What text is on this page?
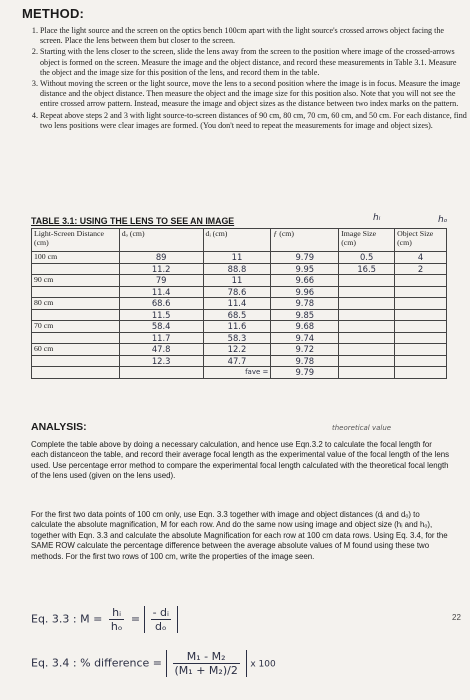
METHOD:
1. Place the light source and the screen on the optics bench 100cm apart with the light source's crossed arrows object facing the screen. Place the lens between them but closer to the screen.
2. Starting with the lens closer to the screen, slide the lens away from the screen to the position where image of the crossed-arrows object is formed on the screen. Measure the image and the object distance, and record these measurements in Table 3.1. Measure the object and the image size for this position of the lens, and record them in the table.
3. Without moving the screen or the light source, move the lens to a second position where the image is in focus. Measure the image distance and the object distance. Then measure the object and the image size for this position also. Note that you will not see the entire crossed arrow pattern. Instead, measure the image and object sizes as the distance between two index marks on the pattern.
4. Repeat above steps 2 and 3 with light source-to-screen distances of 90 cm, 80 cm, 70 cm, 60 cm, and 50 cm. For each distance, find two lens positions were clear images are formed. (You don't need to repeat the measurements for image and object sizes).
TABLE 3.1: USING THE LENS TO SEE AN IMAGE	hᵢ	hₒ
Light-Screen Distance (cm)	dₒ (cm)	dᵢ (cm)	ƒ (cm)	Image Size (cm)	Object Size (cm)
100 cm	89	11	9.79	0.5	4
	11.2	88.8	9.95	16.5	2
90 cm	79	11	9.66		
	11.4	78.6	9.96		
80 cm	68.6	11.4	9.78		
	11.5	68.5	9.85		
70 cm	58.4	11.6	9.68		
	11.7	58.3	9.74		
60 cm	47.8	12.2	9.72		
	12.3	47.7	9.78		
		fave =	9.79		
ANALYSIS:	theoretical value

Complete the table above by doing a necessary calculation, and hence use Eqn.3.2 to calculate the focal length for each distanceon the table, and record their average focal length as the experimental value of the focal length of the lens used. Use percentage error method to compare the experimental focal length calculated with the theoretical focal length of the lens used (given on the lens used).

For the first two data points of 100 cm only, use Eqn. 3.3 together with image and object distances (dᵢ and dₒ) to calculate the absolute magnification, M for each row. And do the same now using image and object size (hᵢ and hₒ), together with Eqn. 3.3 and calculate the absolute Magnification for each row at 100 cm data rows. Using Eq. 3.4, for the SAME ROW calculate the percentage difference between the average absolute values of M found using these two methods. For the first two rows of 100 cm, write the properties of the image seen.

Eq. 3.3 : $M = \frac{\text{hᵢ}}{\text{hₒ}} = \frac{\text{- dᵢ}}{\text{dₒ}}$
Eq. 3.4 : % difference = $\frac{\text{M₁ - M₂}}{\text{(M₁ + M₂)/2}}$ x 100
22
